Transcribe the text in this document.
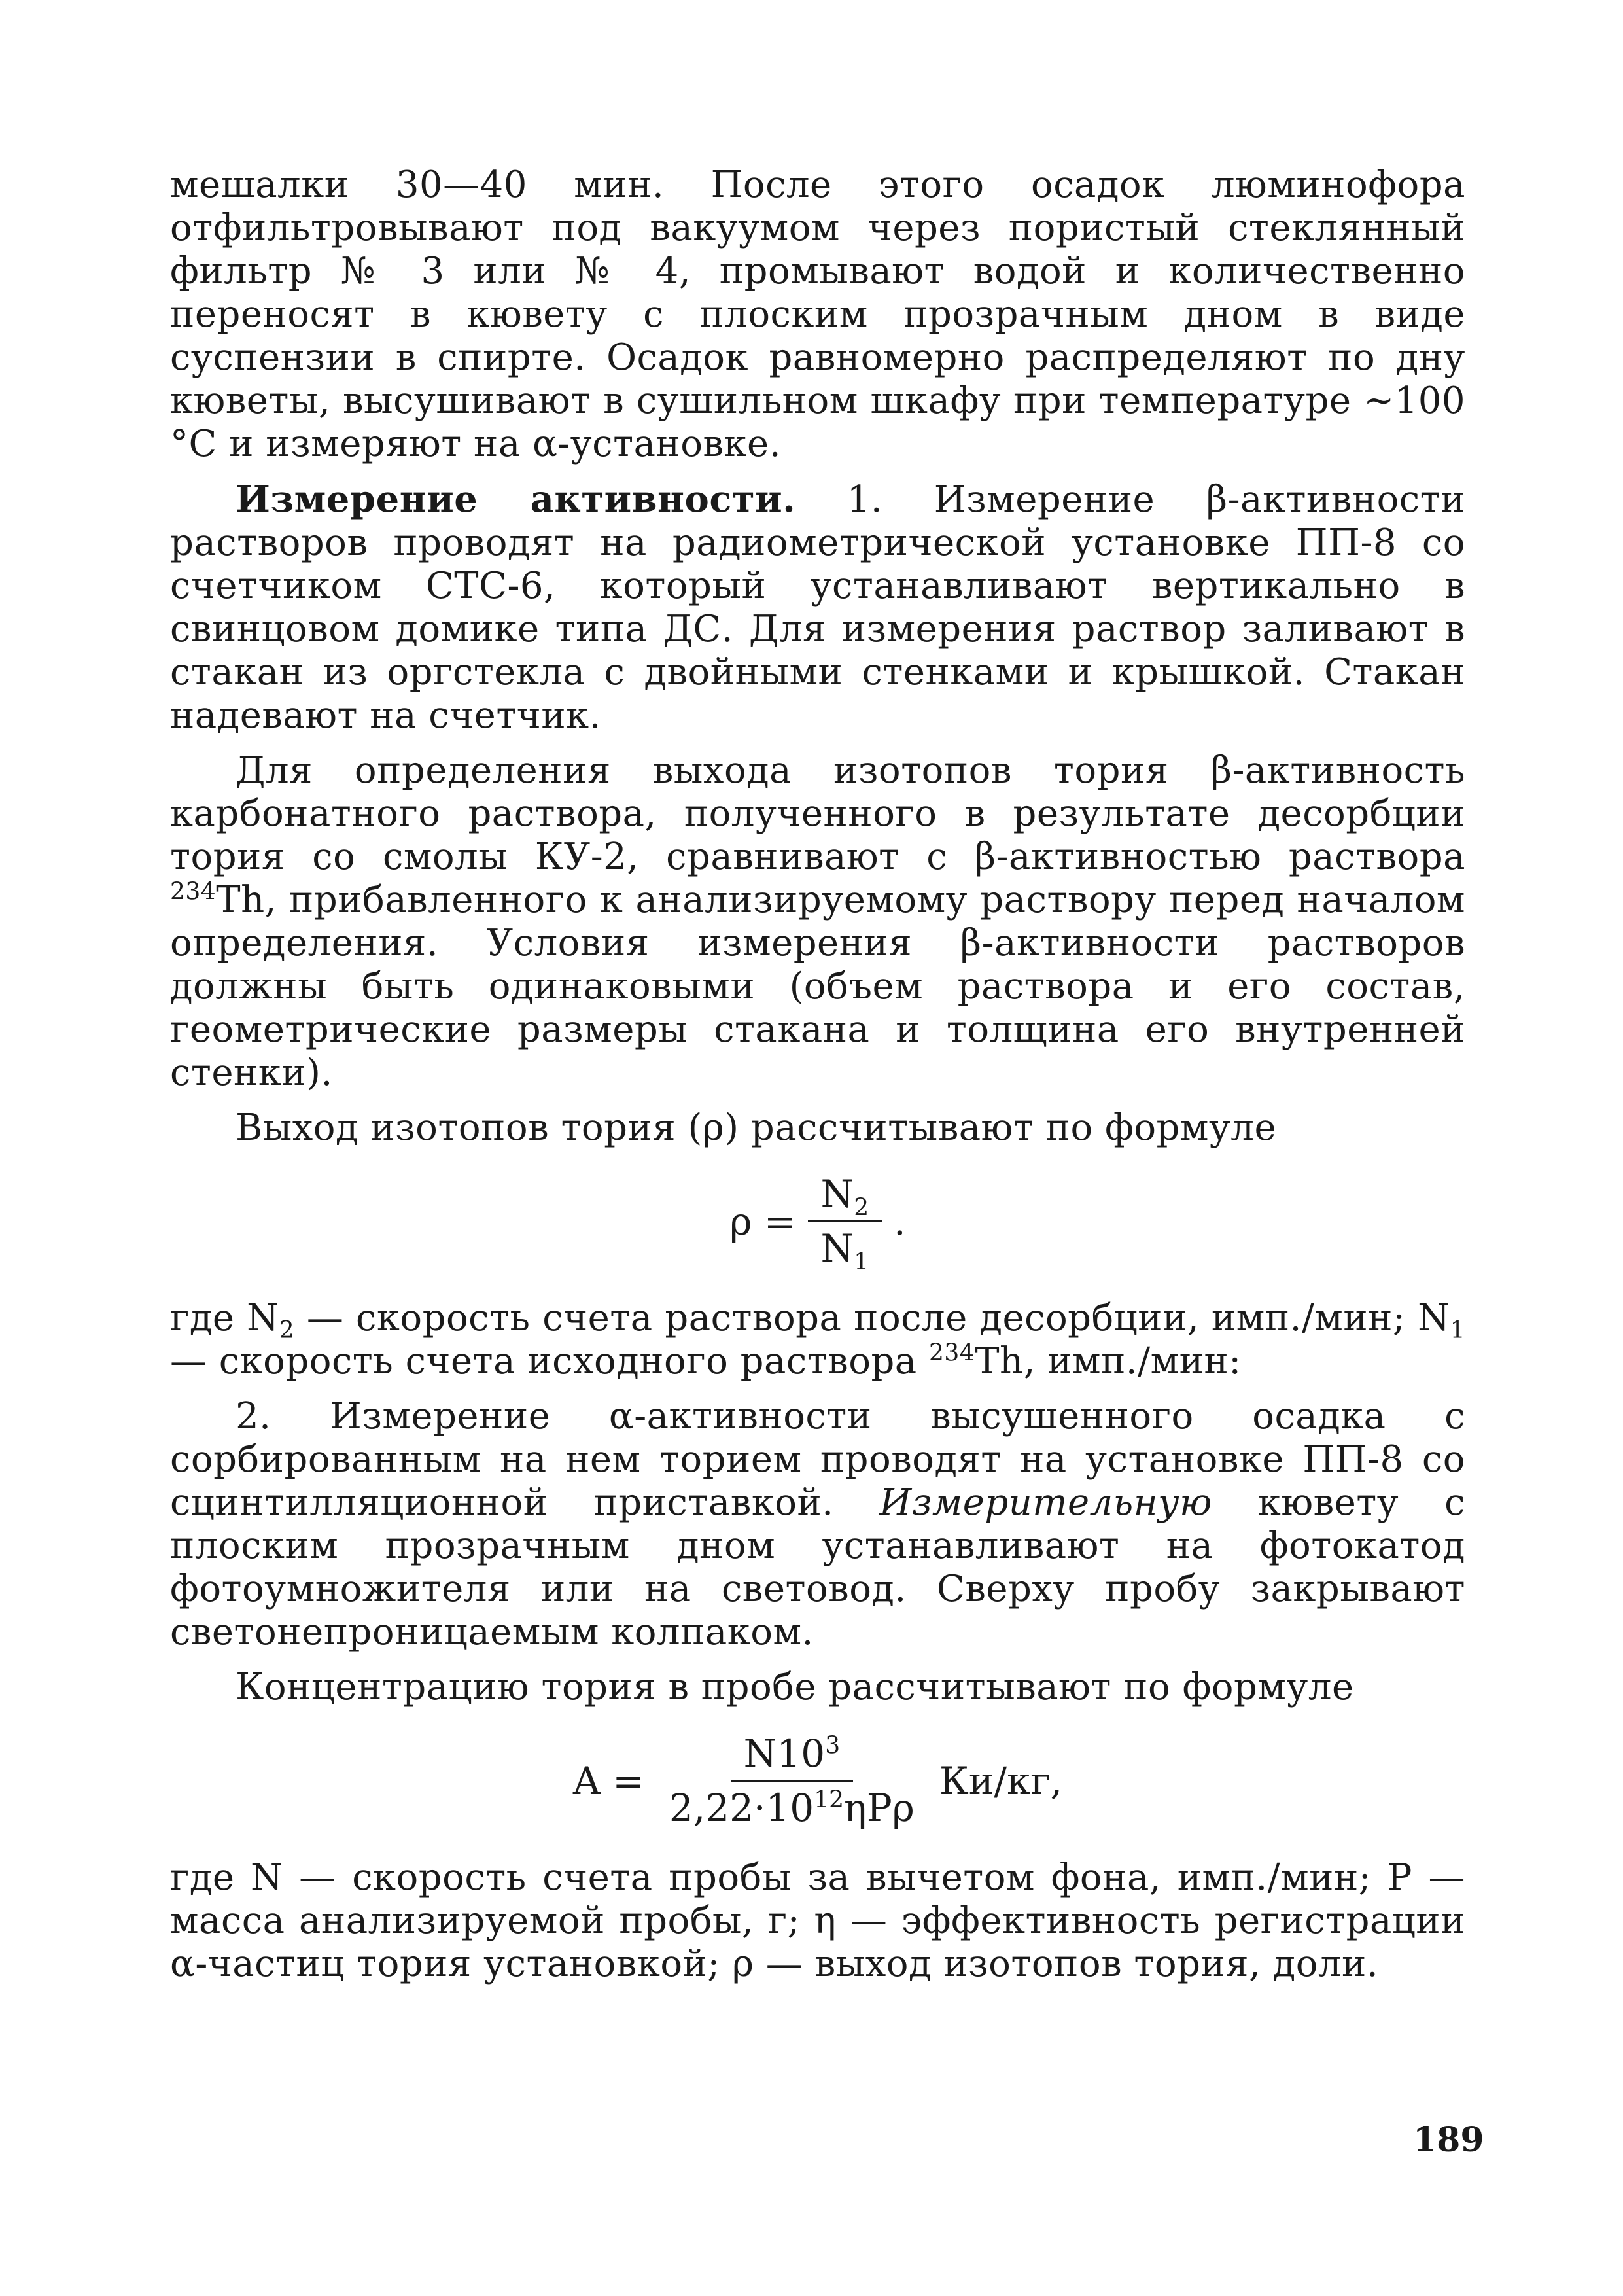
мешалки 30—40 мин. После этого осадок люминофора отфильтровывают под вакуумом через пористый стеклянный фильтр № 3 или № 4, промывают водой и количественно переносят в кювету с плоским прозрачным дном в виде суспензии в спирте. Осадок равномерно распределяют по дну кюветы, высушивают в сушильном шкафу при температуре ~100 °С и измеряют на α-установке.

Измерение активности. 1. Измерение β-активности растворов проводят на радиометрической установке ПП-8 со счетчиком СТС-6, который устанавливают вертикально в свинцовом домике типа ДС. Для измерения раствор заливают в стакан из оргстекла с двойными стенками и крышкой. Стакан надевают на счетчик.

Для определения выхода изотопов тория β-активность карбонатного раствора, полученного в результате десорбции тория со смолы КУ-2, сравнивают с β-активностью раствора $^{234}$Th, прибавленного к анализируемому раствору перед началом определения. Условия измерения β-активности растворов должны быть одинаковыми (объем раствора и его состав, геометрические размеры стакана и толщина его внутренней стенки).

Выход изотопов тория (ρ) рассчитывают по формуле

$\rho = \frac{N_2}{N_1}$ .

где $N_2$ — скорость счета раствора после десорбции, имп./мин; $N_1$ — скорость счета исходного раствора $^{234}$Th, имп./мин:

2. Измерение α-активности высушенного осадка с сорбированным на нем торием проводят на установке ПП-8 со сцинтилляционной приставкой. Измерительную кювету с плоским прозрачным дном устанавливают на фотокатод фотоумножителя или на световод. Сверху пробу закрывают светонепроницаемым колпаком.

Концентрацию тория в пробе рассчитывают по формуле

$A = \frac{N10^3}{2,22\cdot 10^{12}\eta P\rho} Ки/кг$,

где N — скорость счета пробы за вычетом фона, имп./мин; Р — масса анализируемой пробы, г; η — эффективность регистрации α-частиц тория установкой; ρ — выход изотопов тория, доли.

189
